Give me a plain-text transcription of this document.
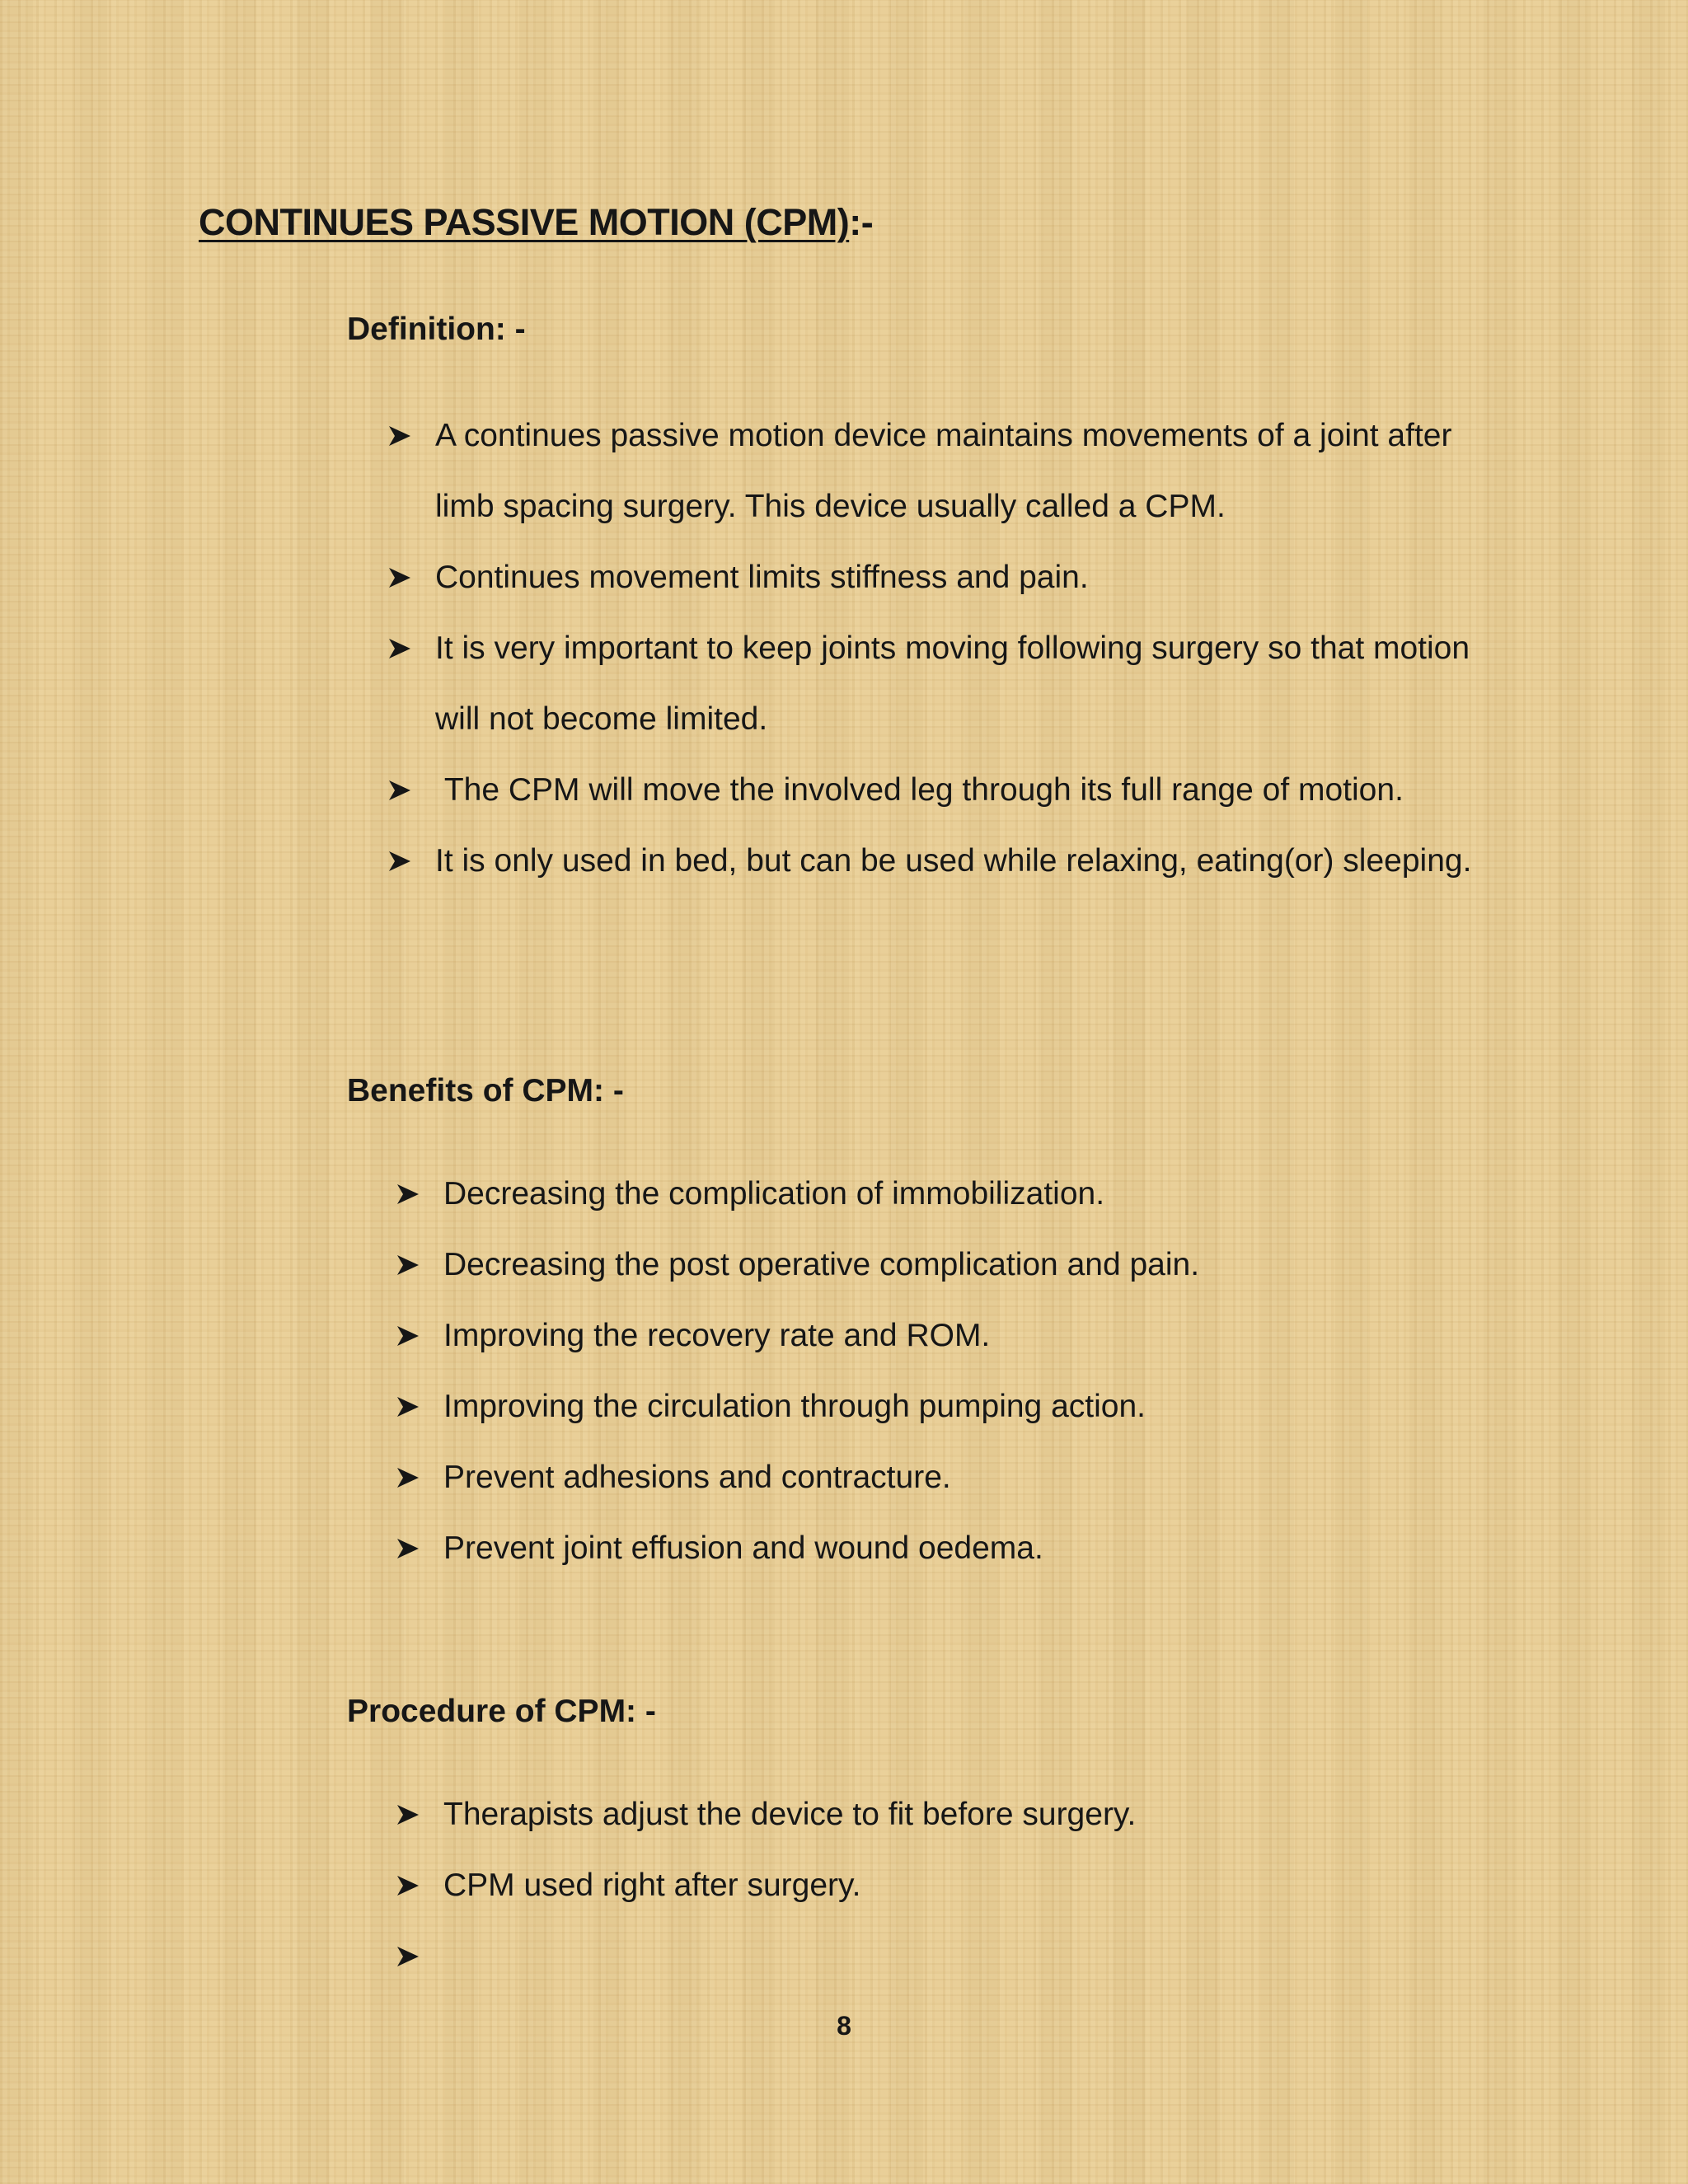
CONTINUES PASSIVE MOTION (CPM):-
Definition: -
A continues passive motion device maintains movements of a joint after limb spacing surgery. This device usually called a CPM.
Continues movement limits stiffness and pain.
It is very important to keep joints moving following surgery so that motion will not become limited.
The CPM will move the involved leg through its full range of motion.
It is only used in bed, but can be used while relaxing, eating(or) sleeping.
Benefits of CPM: -
Decreasing the complication of immobilization.
Decreasing the post operative complication and pain.
Improving the recovery rate and ROM.
Improving the circulation through pumping action.
Prevent adhesions and contracture.
Prevent joint effusion and wound oedema.
Procedure of CPM: -
Therapists adjust the device to fit before surgery.
CPM used right after surgery.
8
